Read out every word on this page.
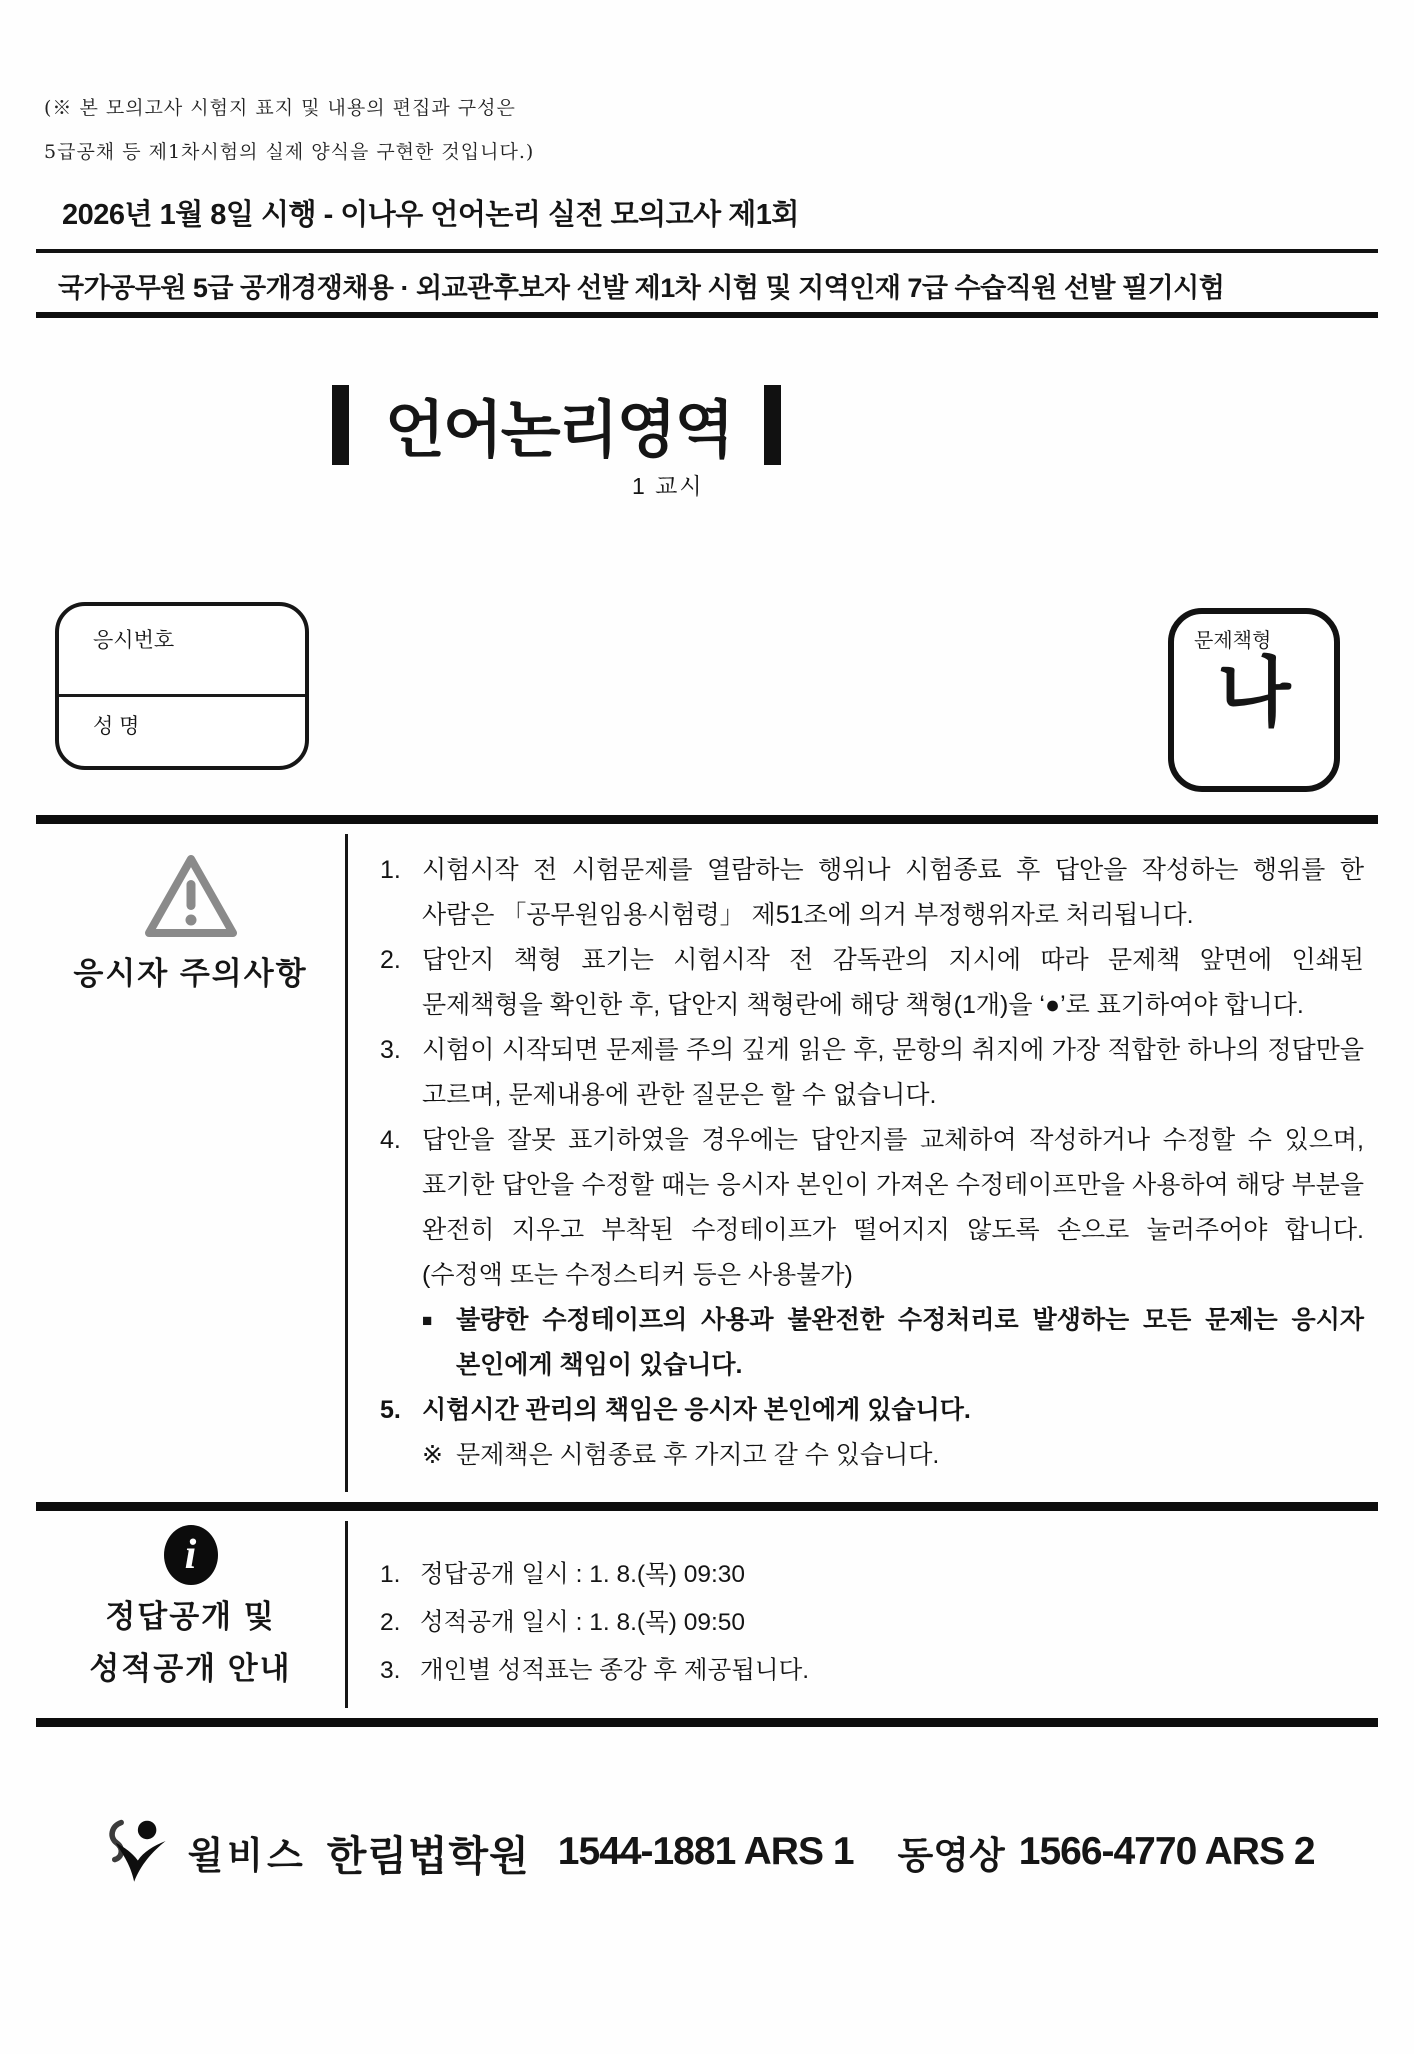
(※ 본 모의고사 시험지 표지 및 내용의 편집과 구성은
5급공채 등 제1차시험의 실제 양식을 구현한 것입니다.)
2026년 1월 8일 시행 - 이나우 언어논리 실전 모의고사 제1회
국가공무원 5급 공개경쟁채용 · 외교관후보자 선발 제1차 시험 및 지역인재 7급 수습직원 선발 필기시험
언어논리영역
1 교시
응시번호
성 명
문제책형
나
응시자 주의사항
1. 시험시작 전 시험문제를 열람하는 행위나 시험종료 후 답안을 작성하는 행위를 한 사람은 「공무원임용시험령」 제51조에 의거 부정행위자로 처리됩니다.
2. 답안지 책형 표기는 시험시작 전 감독관의 지시에 따라 문제책 앞면에 인쇄된 문제책형을 확인한 후, 답안지 책형란에 해당 책형(1개)을 ‘●’로 표기하여야 합니다.
3. 시험이 시작되면 문제를 주의 깊게 읽은 후, 문항의 취지에 가장 적합한 하나의 정답만을 고르며, 문제내용에 관한 질문은 할 수 없습니다.
4. 답안을 잘못 표기하였을 경우에는 답안지를 교체하여 작성하거나 수정할 수 있으며, 표기한 답안을 수정할 때는 응시자 본인이 가져온 수정테이프만을 사용하여 해당 부분을 완전히 지우고 부착된 수정테이프가 떨어지지 않도록 손으로 눌러주어야 합니다. (수정액 또는 수정스티커 등은 사용불가)
■ 불량한 수정테이프의 사용과 불완전한 수정처리로 발생하는 모든 문제는 응시자 본인에게 책임이 있습니다.
5. 시험시간 관리의 책임은 응시자 본인에게 있습니다.
※ 문제책은 시험종료 후 가지고 갈 수 있습니다.
i
정답공개 및
성적공개 안내
1. 정답공개 일시 : 1. 8.(목) 09:30
2. 성적공개 일시 : 1. 8.(목) 09:50
3. 개인별 성적표는 종강 후 제공됩니다.
윌비스 한림법학원 1544-1881 ARS 1 동영상 1566-4770 ARS 2
